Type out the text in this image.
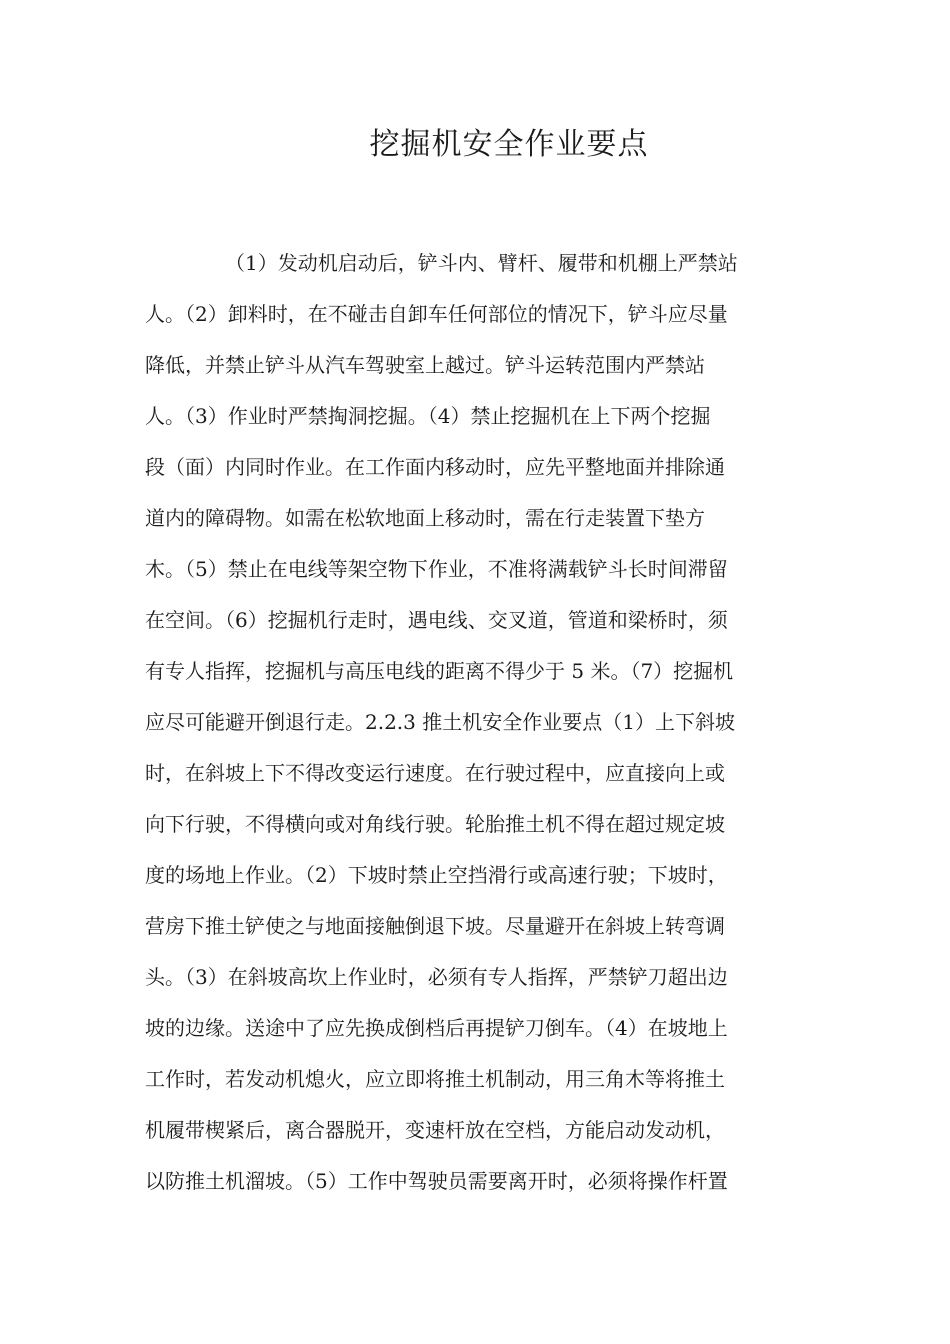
挖掘机安全作业要点
（1）发动机启动后，铲斗内、臂杆、履带和机棚上严禁站
人。（2）卸料时，在不碰击自卸车任何部位的情况下，铲斗应尽量
降低，并禁止铲斗从汽车驾驶室上越过。铲斗运转范围内严禁站
人。（3）作业时严禁掏洞挖掘。（4）禁止挖掘机在上下两个挖掘
段（面）内同时作业。在工作面内移动时，应先平整地面并排除通
道内的障碍物。如需在松软地面上移动时，需在行走装置下垫方
木。（5）禁止在电线等架空物下作业，不准将满载铲斗长时间滞留
在空间。（6）挖掘机行走时，遇电线、交叉道，管道和梁桥时，须
有专人指挥，挖掘机与高压电线的距离不得少于 5 米。（7）挖掘机
应尽可能避开倒退行走。2.2.3 推土机安全作业要点（1）上下斜坡
时，在斜坡上下不得改变运行速度。在行驶过程中，应直接向上或
向下行驶，不得横向或对角线行驶。轮胎推土机不得在超过规定坡
度的场地上作业。（2）下坡时禁止空挡滑行或高速行驶；下坡时，
营房下推土铲使之与地面接触倒退下坡。尽量避开在斜坡上转弯调
头。（3）在斜坡高坎上作业时，必须有专人指挥，严禁铲刀超出边
坡的边缘。送途中了应先换成倒档后再提铲刀倒车。（4）在坡地上
工作时，若发动机熄火，应立即将推土机制动，用三角木等将推土
机履带楔紧后，离合器脱开，变速杆放在空档，方能启动发动机，
以防推土机溜坡。（5）工作中驾驶员需要离开时，必须将操作杆置
